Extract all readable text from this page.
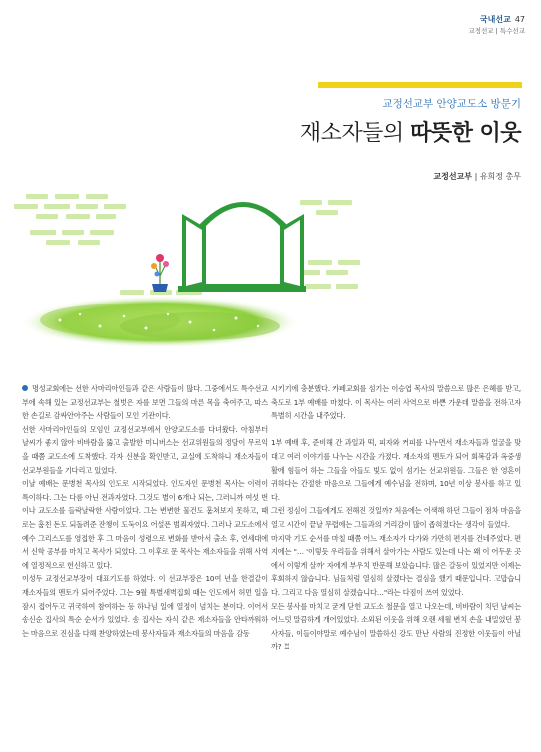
국내선교 47
교정선교 | 특수선교
교정선교부 안양교도소 방문기
재소자들의 따뜻한 이웃
교정선교부 | 유희정 총무

명성교회에는 선한 사마리아인들과 같은 사람들이 많다. 그중에서도 특수선교부에 속해 있는 교정선교부는 철벗은 자를 보면 그들의 마른 목을 축여주고, 따스한 손길로 감싸안아주는 사람들이 모인 기관이다.

선한 사마리아인들의 모임인 교정선교부에서 안양교도소를 다녀왔다. 아침부터 날씨가 좋지 않아 비바람을 뚫고 출발한 미니버스는 선교위원들의 정담이 무르익을 때쯤 교도소에 도착했다. 각자 신분을 확인받고, 교실에 도착하니 재소자들이 선교부원들을 기다리고 있었다.

이날 예배는 문병천 목사의 인도로 시작되었다. 인도자인 문병천 목사는 이력이 특이하다. 그는 다름 아닌 전과자였다. 그것도 별이 6개나 되는, 그러니까 여섯 번이나 교도소를 들락날락한 사람이었다. 그는 변변한 물건도 훔쳐보지 못하고, 때로는 훔친 돈도 되돌려준 잔챙이 도둑이요 어설픈 범죄자였다. 그러나 교도소에서 예수 그리스도를 영접한 후 그 마음이 성령으로 변화를 받아서 출소 후, 연세대에서 신학 공부를 마치고 목사가 되었다. 그 이후로 문 목사는 재소자들을 위해 사역에 열정적으로 헌신하고 있다.

이성두 교정선교부장이 대표기도를 하였다. 이 선교부장은 10여 년을 한결같이 재소자들의 멘토가 되어주었다. 그는 9월 특별새벽집회 때는 인도에서 허먼 일을 잠시 접어두고 귀국하여 참여하는 등 하나님 일에 열정이 넘치는 분이다. 이어서 송신순 집사의 특순 순서가 있었다. 송 집사는 자식 같은 재소자들을 안타까워하는 마음으로 진심을 다해 찬양하였는데 봉사자들과 재소자들의 마음을 감동

시키기에 충분했다. 카페교회를 섬기는 이승엽 목사의 말씀으로 많은 은혜를 받고, 축도로 1부 예배를 마쳤다. 이 목사는 여러 사역으로 바쁜 가운데 말씀을 전하고자 특별히 시간을 내주었다.

1부 예배 후, 준비해 간 과일과 떡, 피자와 커피를 나누면서 재소자들과 얼굴을 맞대고 여러 이야기를 나누는 시간을 가졌다. 재소자의 멘토가 되어 회복감과 옥중생활에 힘들어 하는 그들을 아들도 빛도 없이 섬기는 선교위원들. 그들은 한 영혼이 귀하다는 간절한 마음으로 그들에게 예수님을 전하며, 10년 이상 봉사를 하고 있다.

그런 정심이 그들에게도 전해진 것일까? 처음에는 어색해 하던 그들이 점차 마음을 열고 시간이 끝날 무렵에는 그들과의 거리감이 많이 좁혀졌다는 생각이 들었다.

마지막 기도 순서를 마칠 때쯤 어느 재소자가 다가와 가만히 편지를 건네주었다. 편지에는 "… '이렇듯 우리들을 위해서 살아가는 사람도 있는데 나는 왜 이 어두운 곳에서 이렇게 살까' 자에게 부우치 반문해 보았습니다. 많은 갈등이 있었지만 이제는 후회하지 않습니다. 님들처럼 열심히 살겠다는 결심을 했기 때문입니다. 고맙습니다. 그리고 다음 열심히 살겠습니다…"라는 다짐이 쓰여 있었다.

모든 봉사를 마치고 굳게 닫힌 교도소 철문을 열고 나오는데, 비바람이 치던 날씨는 어느덧 말끔하게 개어있었다. 소외된 이웃을 위해 오랜 세월 변치 손을 내밀었던 봉사자들, 이들이야말로 예수님이 말씀하신 강도 만난 사람의 진정한 이웃들이 아닐까? ♖
